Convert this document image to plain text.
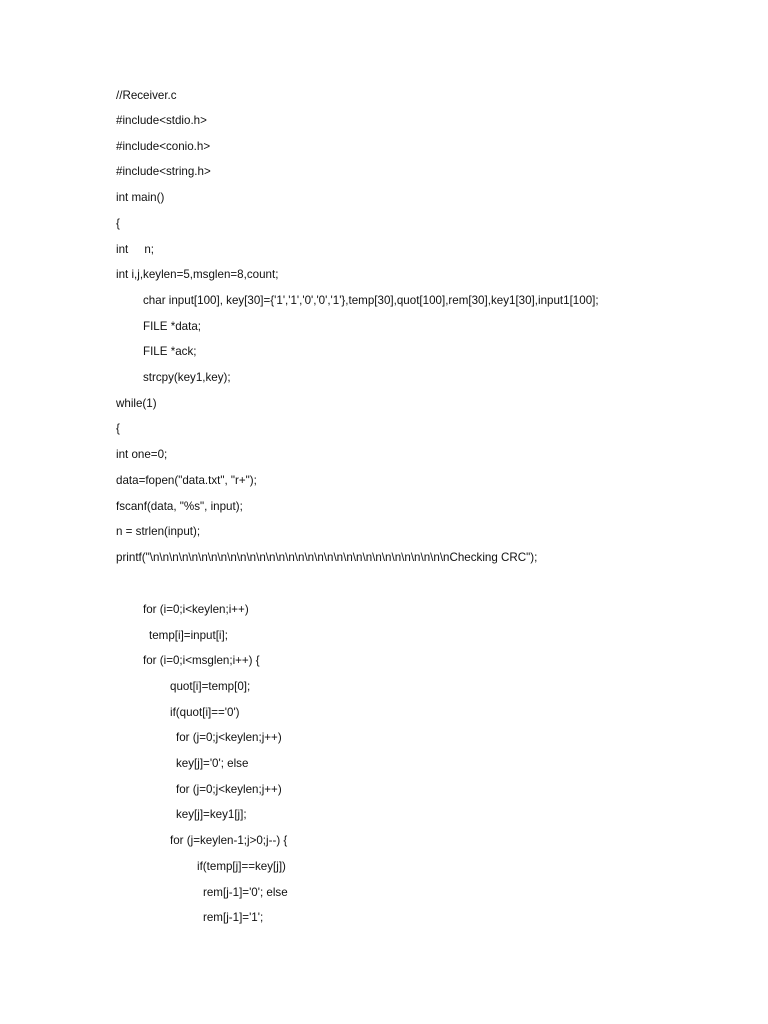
//Receiver.c
#include<stdio.h>
#include<conio.h>
#include<string.h>
int main()
{
int     n;
int i,j,keylen=5,msglen=8,count;
char input[100], key[30]={'1','1','0','0','1'},temp[30],quot[100],rem[30],key1[30],input1[100];
FILE *data;
FILE *ack;
strcpy(key1,key);
while(1)
{
int one=0;
data=fopen("data.txt", "r+");
fscanf(data, "%s", input);
n = strlen(input);
printf("\n\n\n\n\n\n\n\n\n\n\n\n\n\n\n\n\n\n\n\n\n\n\n\n\n\n\n\n\n\n\nChecking CRC");
for (i=0;i<keylen;i++)
temp[i]=input[i];
for (i=0;i<msglen;i++) {
quot[i]=temp[0];
if(quot[i]=='0')
for (j=0;j<keylen;j++)
key[j]='0'; else
for (j=0;j<keylen;j++)
key[j]=key1[j];
for (j=keylen-1;j>0;j--) {
if(temp[j]==key[j])
rem[j-1]='0'; else
rem[j-1]='1';
